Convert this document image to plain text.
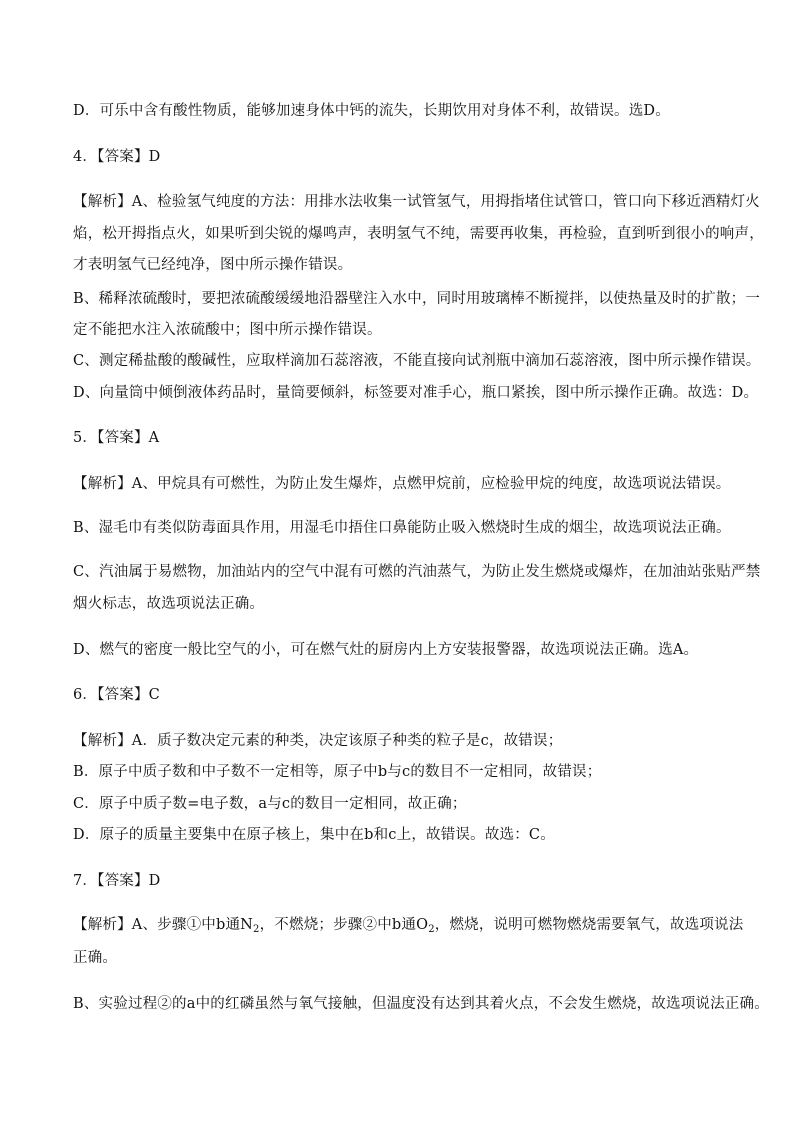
D．可乐中含有酸性物质，能够加速身体中钙的流失，长期饮用对身体不利，故错误。选D。
4．【答案】D
【解析】A、检验氢气纯度的方法：用排水法收集一试管氢气，用拇指堵住试管口，管口向下移近酒精灯火
焰，松开拇指点火，如果听到尖锐的爆鸣声，表明氢气不纯，需要再收集，再检验，直到听到很小的响声，
才表明氢气已经纯净，图中所示操作错误。
B、稀释浓硫酸时，要把浓硫酸缓缓地沿器壁注入水中，同时用玻璃棒不断搅拌，以使热量及时的扩散；一
定不能把水注入浓硫酸中；图中所示操作错误。
C、测定稀盐酸的酸碱性，应取样滴加石蕊溶液，不能直接向试剂瓶中滴加石蕊溶液，图中所示操作错误。
D、向量筒中倾倒液体药品时，量筒要倾斜，标签要对准手心，瓶口紧挨，图中所示操作正确。故选：D。
5．【答案】A
【解析】A、甲烷具有可燃性，为防止发生爆炸，点燃甲烷前，应检验甲烷的纯度，故选项说法错误。
B、湿毛巾有类似防毒面具作用，用湿毛巾捂住口鼻能防止吸入燃烧时生成的烟尘，故选项说法正确。
C、汽油属于易燃物，加油站内的空气中混有可燃的汽油蒸气，为防止发生燃烧或爆炸，在加油站张贴严禁
烟火标志，故选项说法正确。
D、燃气的密度一般比空气的小，可在燃气灶的厨房内上方安装报警器，故选项说法正确。选A。
6．【答案】C
【解析】A．质子数决定元素的种类，决定该原子种类的粒子是c，故错误；
B．原子中质子数和中子数不一定相等，原子中b与c的数目不一定相同，故错误；
C．原子中质子数=电子数，a与c的数目一定相同，故正确；
D．原子的质量主要集中在原子核上，集中在b和c上，故错误。故选：C。
7．【答案】D
【解析】A、步骤①中b通$N_2$，不燃烧；步骤②中b通$O_2$，燃烧，说明可燃物燃烧需要氧气，故选项说法
正确。
B、实验过程②的a中的红磷虽然与氧气接触，但温度没有达到其着火点，不会发生燃烧，故选项说法正确。
